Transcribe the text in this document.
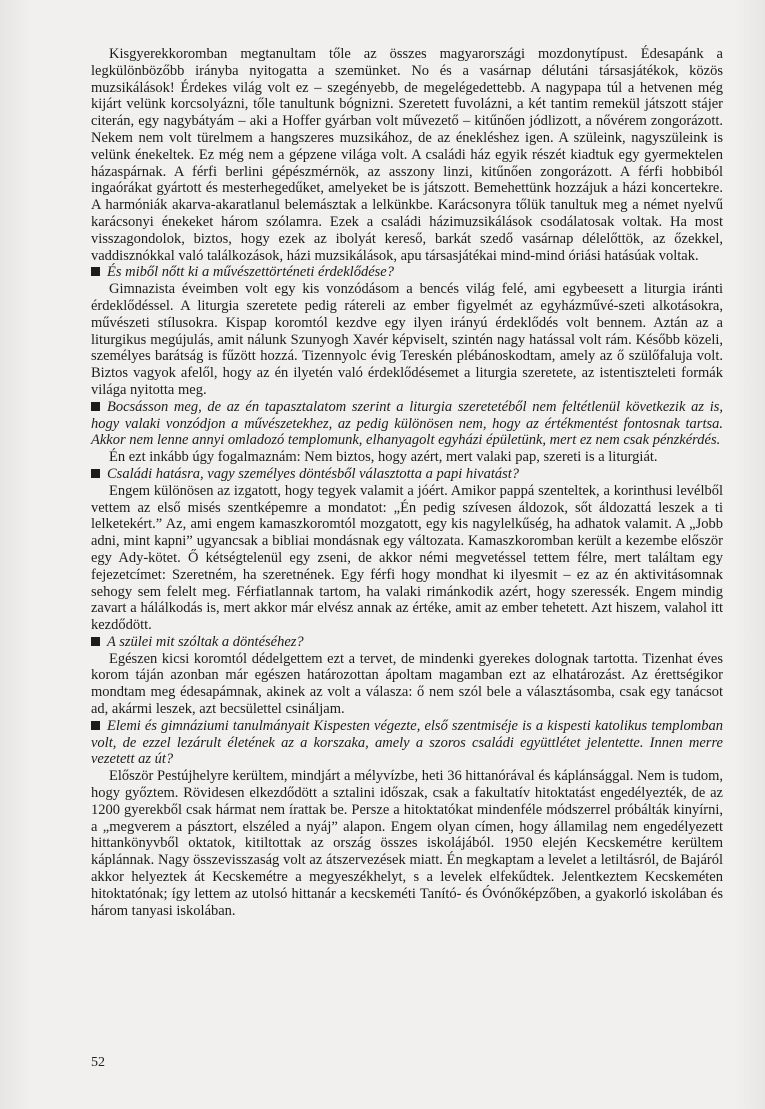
Kisgyerekkoromban megtanultam tőle az összes magyarországi mozdonytípust. Édesapánk a legkülönbözőbb irányba nyitogatta a szemünket. No és a vasárnap délutáni társasjátékok, közös muzsikálások! Érdekes világ volt ez – szegényebb, de megelégedettebb. A nagypapa túl a hetvenen még kijárt velünk korcsolyázni, tőle tanultunk bógnizni. Szeretett fuvolázni, a két tantim remekül játszott stájer citerán, egy nagybátyám – aki a Hoffer gyárban volt művezető – kitűnően jódlizott, a nővérem zongorázott. Nekem nem volt türelmem a hangszeres muzsikához, de az énekléshez igen. A szüleink, nagyszüleink is velünk énekeltek. Ez még nem a gépzene világa volt. A családi ház egyik részét kiadtuk egy gyermektelen házaspárnak. A férfi berlini gépészmérnök, az asszony linzi, kitűnően zongorázott. A férfi hobbiból ingaórákat gyártott és mesterhegedűket, amelyeket be is játszott. Bemehettünk hozzájuk a házi koncertekre. A harmóniák akarva-akaratlanul belemásztak a lelkünkbe. Karácsonyra tőlük tanultuk meg a német nyelvű karácsonyi énekeket három szólamra. Ezek a családi házimuzsikálások csodálatosak voltak. Ha most visszagondolok, biztos, hogy ezek az ibolyát kereső, barkát szedő vasárnap délelőttök, az őzekkel, vaddisznókkal való találkozások, házi muzsikálások, apu társasjátékai mind-mind óriási hatásúak voltak.

És miből nőtt ki a művészettörténeti érdeklődése?

Gimnazista éveimben volt egy kis vonzódásom a bencés világ felé, ami egybeesett a liturgia iránti érdeklődéssel. A liturgia szeretete pedig rátereli az ember figyelmét az egyházművé-szeti alkotásokra, művészeti stílusokra. Kispap koromtól kezdve egy ilyen irányú érdeklődés volt bennem. Aztán az a liturgikus megújulás, amit nálunk Szunyogh Xavér képviselt, szintén nagy hatással volt rám. Később közeli, személyes barátság is fűzött hozzá. Tizennyolc évig Tereskén plébánoskodtam, amely az ő szülőfaluja volt. Biztos vagyok afelől, hogy az én ilyetén való érdeklődésemet a liturgia szeretete, az istentiszteleti formák világa nyitotta meg.

Bocsásson meg, de az én tapasztalatom szerint a liturgia szeretetéből nem feltétlenül következik az is, hogy valaki vonzódjon a művészetekhez, az pedig különösen nem, hogy az értékmentést fontosnak tartsa. Akkor nem lenne annyi omladozó templomunk, elhanyagolt egyházi épületünk, mert ez nem csak pénzkérdés.

Én ezt inkább úgy fogalmaznám: Nem biztos, hogy azért, mert valaki pap, szereti is a liturgiát.

Családi hatásra, vagy személyes döntésből választotta a papi hivatást?

Engem különösen az izgatott, hogy tegyek valamit a jóért. Amikor pappá szenteltek, a korinthusi levélből vettem az első misés szentképemre a mondatot: „Én pedig szívesen áldozok, sőt áldozattá leszek a ti lelketekért.” Az, ami engem kamaszkoromtól mozgatott, egy kis nagylelkűség, ha adhatok valamit. A „Jobb adni, mint kapni” ugyancsak a bibliai mondásnak egy változata. Kamaszkoromban került a kezembe először egy Ady-kötet. Ő kétségtelenül egy zseni, de akkor némi megvetéssel tettem félre, mert találtam egy fejezetcímet: Szeretném, ha szeretnének. Egy férfi hogy mondhat ki ilyesmit – ez az én aktivitásomnak sehogy sem felelt meg. Férfiatlannak tartom, ha valaki rimánkodik azért, hogy szeressék. Engem mindig zavart a hálálkodás is, mert akkor már elvész annak az értéke, amit az ember tehetett. Azt hiszem, valahol itt kezdődött.

A szülei mit szóltak a döntéséhez?

Egészen kicsi koromtól dédelgettem ezt a tervet, de mindenki gyerekes dolognak tartotta. Tizenhat éves korom táján azonban már egészen határozottan ápoltam magamban ezt az elhatározást. Az érettségikor mondtam meg édesapámnak, akinek az volt a válasza: ő nem szól bele a választásomba, csak egy tanácsot ad, akármi leszek, azt becsülettel csináljam.

Elemi és gimnáziumi tanulmányait Kispesten végezte, első szentmiséje is a kispesti katolikus templomban volt, de ezzel lezárult életének az a korszaka, amely a szoros családi együttlétet jelentette. Innen merre vezetett az út?

Először Pestújhelyre kerültem, mindjárt a mélyvízbe, heti 36 hittanórával és káplánsággal. Nem is tudom, hogy győztem. Rövidesen elkezdődött a sztalini időszak, csak a fakultatív hitoktatást engedélyezték, de az 1200 gyerekből csak hármat nem írattak be. Persze a hitoktatókat mindenféle módszerrel próbálták kinyírni, a „megverem a pásztort, elszéled a nyáj” alapon. Engem olyan címen, hogy államilag nem engedélyezett hittankönyvből oktatok, kitiltottak az ország összes iskolájából. 1950 elején Kecskemétre kerültem káplánnak. Nagy összevisszaság volt az átszervezések miatt. Én megkaptam a levelet a letiltásról, de Bajáról akkor helyeztek át Kecskemétre a megyeszékhelyt, s a levelek elfekűdtek. Jelentkeztem Kecskeméten hitoktatónak; így lettem az utolsó hittanár a kecskeméti Tanító- és Óvónőképzőben, a gyakorló iskolában és három tanyasi iskolában.

52
